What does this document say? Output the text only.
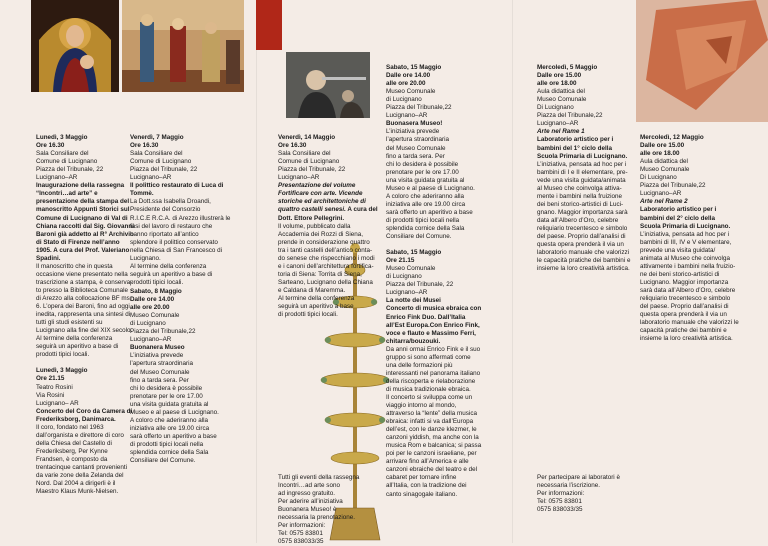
Lunedì, 3 Maggio
Ore 16.30
Sala Consiliare del
Comune di Lucignano
Piazza del Tribunale, 22
Lucignano–AR
Inaugurazione della rassegna
“Incontri…ad arte” e
presentazione della stampa del
manoscritto Appunti Storici sul
Comune di Lucignano di Val di
Chiana raccolti dal Sig. Giovanni
Baroni già addetto al R° Archivio
di Stato di Firenze nell’anno
1905. A cura del Prof. Valeriano
Spadini.
Il manoscritto che in questa
occasione viene presentato nella
trascrizione a stampa, è conserva-
to presso la Biblioteca Comunale
di Arezzo alla collocazione BF ms.
6. L’opera dei Baroni, fino ad oggi
inedita, rappresenta una sintesi di
tutti gli studi esistenti su
Lucignano alla fine del XIX secolo.
Al termine della conferenza
seguirà un aperitivo a base di
prodotti tipici locali.

Lunedì, 3 Maggio
Ore 21.15
Teatro Rosini
Via Rosini
Lucignano– AR
Concerto del Coro da Camera di
Frederiksborg, Danimarca.
Il coro, fondato nel 1963
dall’organista e direttore di coro
della Chiesa del Castello di
Frederiksberg, Per Kynne
Frandsen, è composto da
trentacinque cantanti provenienti
da varie zone della Zelanda del
Nord. Dal 2004 a dirigerli è il
Maestro Klaus Munk-Nielsen.

Venerdì, 7 Maggio
Ore 16.30
Sala Consiliare del
Comune di Lucignano
Piazza del Tribunale, 22
Lucignano–AR
Il polittico restaurato di Luca di
Tommè.
La Dott.ssa Isabella Droandi,
Presidente del Consorzio
R.I.C.E R.C.A. di Arezzo illustrerà le
fasi del lavoro di restauro che
hanno riportato all’antico
splendore il polittico conservato
nella Chiesa di San Francesco di
Lucignano.
Al termine della conferenza
seguirà un aperitivo a base di
prodotti tipici locali.

Sabato, 8 Maggio
Dalle ore 14.00
alle ore 20.00
Museo Comunale
di Lucignano
Piazza del Tribunale,22
Lucignano–AR
Buonanera Museo
L’iniziativa prevede
l’apertura straordinaria
del Museo Comunale
fino a tarda sera. Per
chi lo desidera è possibile
prenotare per le ore 17.00
una visita guidata gratuita al
Museo e al paese di Lucignano.
A coloro che aderiranno alla
iniziativa alle ore 19.00 circa
sarà offerto un aperitivo a base
di prodotti tipici locali nella
splendida cornice della Sala
Consiliare del Comune.

Venerdì, 14 Maggio
Ore 16.30
Sala Consiliare del
Comune di Lucignano
Piazza del Tribunale, 22
Lucignano–AR
Presentazione del volume
Fortificare con arte. Vicende
storiche ed architettoniche di
quattro castelli senesi. A cura del
Dott. Ettore Pellegrini.
Il volume, pubblicato dalla
Accademia dei Rozzi di Siena,
prende in considerazione quattro
tra i tanti castelli dell’antico conta-
do senese che rispecchiano i modi
e i canoni dell’architettura fortifica-
toria di Siena: Torrita di Siena,
Sarteano, Lucignano della Chiana
e Caldana di Maremma.
Al termine della conferenza
seguirà un aperitivo a base
di prodotti tipici locali.

Tutti gli eventi della rassegna
Incontri…ad arte sono
ad ingresso gratuito.
Per aderire all’iniziativa
Buonanera Museo! è
necessaria la prenotazione.
Per informazioni:
Tel: 0575 83801
0575 838033/35

Sabato, 15 Maggio
Dalle ore 14.00
alle ore 20.00
Museo Comunale
di Lucignano
Piazza del Tribunale,22
Lucignano–AR
Buonasera Museo!
L’iniziativa prevede
l’apertura straordinaria
del Museo Comunale
fino a tarda sera. Per
chi lo desidera è possibile
prenotare per le ore 17.00
una visita guidata gratuita al
Museo e al paese di Lucignano.
A coloro che aderiranno alla
iniziativa alle ore 19.00 circa
sarà offerto un aperitivo a base
di prodotti tipici locali nella
splendida cornice della Sala
Consiliare del Comune.

Sabato, 15 Maggio
Ore 21.15
Museo Comunale
di Lucignano
Piazza del Tribunale, 22
Lucignano–AR
La notte dei Musei
Concerto di musica ebraica con
Enrico Fink Duo. Dall’Italia
all’Est Europa.Con Enrico Fink,
voce e flauto e Massimo Ferri,
chitarra/bouzouki.
Da anni ormai Enrico Fink e il suo
gruppo si sono affermati come
una delle formazioni più
interessanti nel panorama italiano
della riscoperta e rielaborazione
di musica tradizionale ebraica.
Il concerto si sviluppa come un
viaggio intorno al mondo,
attraverso la “lente” della musica
ebraica: infatti si va dall’Europa
dell’est, con le danze klezmer, le
canzoni yiddish, ma anche con la
musica Rom e balcanica; si passa
poi per le canzoni israeliane, per
arrivare fino all’America e alle
canzoni ebraiche del teatro e del
cabaret per tornare infine
all’Italia, con la tradizione dei
canto sinagogale italiano.

Mercoledì, 5 Maggio
Dalle ore 15.00
alle ore 18.00
Aula didattica del
Museo Comunale
Di Lucignano
Piazza del Tribunale,22
Lucignano–AR
Arte nel Rame 1
Laboratorio artistico per i
bambini del 1° ciclo della
Scuola Primaria di Lucignano.
L’iniziativa, pensata ad hoc per i
bambini di I e II elementare, pre-
vede una visita guidata/animata
al Museo che coinvolga attiva-
mente i bambini nella fruizione
dei beni storico-artistici di Luci-
gnano. Maggior importanza sarà
data all’Albero d’Oro, celebre
reliquiario trecentesco e simbolo
del paese. Proprio dall’analisi di
questa opera prenderà il via un
laboratorio manuale che valorizzi
le capacità pratiche dei bambini e
insieme la loro creatività artistica.

Mercoledì, 12 Maggio
Dalle ore 15.00
alle ore 18.00
Aula didattica del
Museo Comunale
Di Lucignano
Piazza del Tribunale,22
Lucignano–AR
Arte nel Rame 2
Laboratorio artistico per i
bambini del 2° ciclo della
Scuola Primaria di Lucignano.
L’iniziativa, pensata ad hoc per i
bambini di III, IV e V elementare,
prevede una visita guidata/
animata al Museo che coinvolga
attivamente i bambini nella fruizio-
ne dei beni storico-artistici di
Lucignano. Maggior importanza
sarà data all’Albero d’Oro, celebre
reliquiario trecentesco e simbolo
del paese. Proprio dall’analisi di
questa opera prenderà il via un
laboratorio manuale che valorizzi le
capacità pratiche dei bambini e
insieme la loro creatività artistica.

Per partecipare ai laboratori è
necessaria l’iscrizione.
Per informazioni:
Tel: 0575 83801
0575 838033/35
